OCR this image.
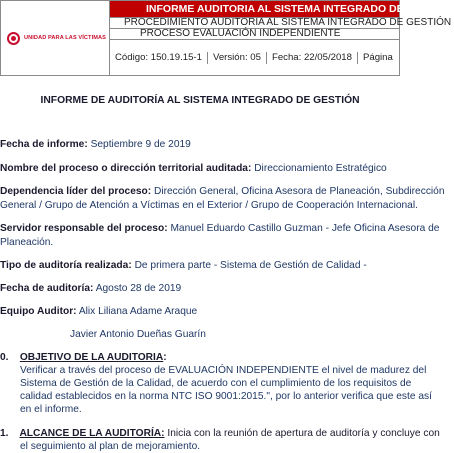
UNIDAD PARA LAS VÍCTIMAS
	INFORME AUDITORIA AL SISTEMA INTEGRADO DE GESTIÓN
PROCEDIMIENTO AUDITORIA AL SISTEMA INTEGRADO DE GESTIÓN
PROCESO EVALUACIÓN INDEPENDIENTE

Código: 150.19.15-1	Versión: 05	Fecha: 22/05/2018	Página
INFORME DE AUDITORÍA AL SISTEMA INTEGRADO DE GESTIÓN
Fecha de informe: Septiembre 9 de 2019
Nombre del proceso o dirección territorial auditada: Direccionamiento Estratégico
Dependencia líder del proceso: Dirección General, Oficina Asesora de Planeación, Subdirección
General / Grupo de Atención a Víctimas en el Exterior / Grupo de Cooperación Internacional.
Servidor responsable del proceso: Manuel Eduardo Castillo Guzman - Jefe Oficina Asesora de
Planeación.
Tipo de auditoría realizada: De primera parte - Sistema de Gestión de Calidad -
Fecha de auditoría: Agosto 28 de 2019
Equipo Auditor: Alix Liliana Adame Araque
Javier Antonio Dueñas Guarín
0. OBJETIVO DE LA AUDITORIA:
Verificar a través del proceso de EVALUACIÓN INDEPENDIENTE el nivel de madurez del
Sistema de Gestión de la Calidad, de acuerdo con el cumplimiento de los requisitos de
calidad establecidos en la norma NTC ISO 9001:2015.", por lo anterior verifica que este así
en el informe.
1. ALCANCE DE LA AUDITORÍA: Inicia con la reunión de apertura de auditoría y concluye con
el seguimiento al plan de mejoramiento.
